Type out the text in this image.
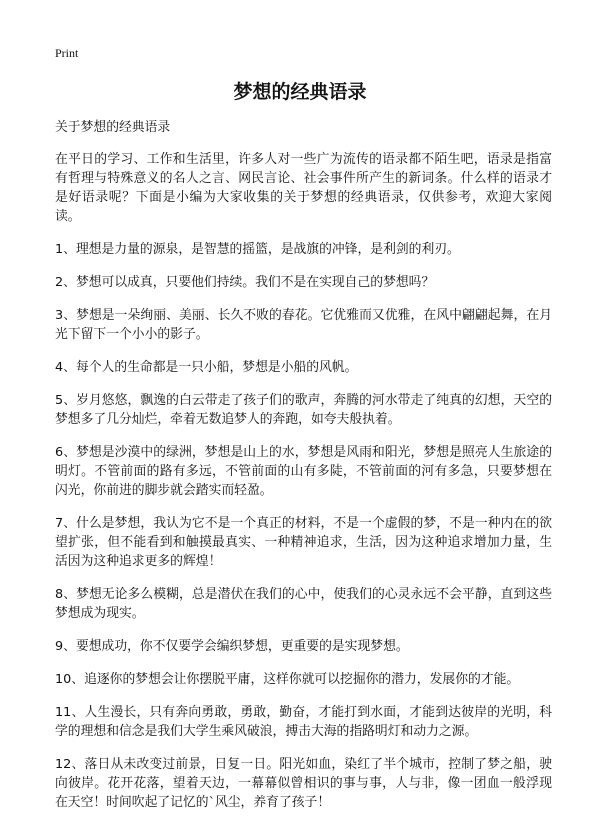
Print
梦想的经典语录

关于梦想的经典语录

在平日的学习、工作和生活里，许多人对一些广为流传的语录都不陌生吧，语录是指富有哲理与特殊意义的名人之言、网民言论、社会事件所产生的新词条。什么样的语录才是好语录呢？下面是小编为大家收集的关于梦想的经典语录，仅供参考，欢迎大家阅读。

1、理想是力量的源泉，是智慧的摇篮，是战旗的冲锋，是利剑的利刃。

2、梦想可以成真，只要他们持续。我们不是在实现自己的梦想吗？

3、梦想是一朵绚丽、美丽、长久不败的春花。它优雅而又优雅，在风中翩翩起舞，在月光下留下一个小小的影子。

4、每个人的生命都是一只小船，梦想是小船的风帆。

5、岁月悠悠，飘逸的白云带走了孩子们的歌声，奔腾的河水带走了纯真的幻想，天空的梦想多了几分灿烂，牵着无数追梦人的奔跑，如夸夫般执着。

6、梦想是沙漠中的绿洲，梦想是山上的水，梦想是风雨和阳光，梦想是照亮人生旅途的明灯。不管前面的路有多远，不管前面的山有多陡，不管前面的河有多急，只要梦想在闪光，你前进的脚步就会踏实而轻盈。

7、什么是梦想，我认为它不是一个真正的材料，不是一个虚假的梦，不是一种内在的欲望扩张，但不能看到和触摸最真实、一种精神追求，生活，因为这种追求增加力量，生活因为这种追求更多的辉煌！

8、梦想无论多么模糊，总是潜伏在我们的心中，使我们的心灵永远不会平静，直到这些梦想成为现实。

9、要想成功，你不仅要学会编织梦想，更重要的是实现梦想。

10、追逐你的梦想会让你摆脱平庸，这样你就可以挖掘你的潜力，发展你的才能。

11、人生漫长，只有奔向勇敢，勇敢，勤奋，才能打到水面，才能到达彼岸的光明，科学的理想和信念是我们大学生乘风破浪，搏击大海的指路明灯和动力之源。

12、落日从未改变过前景，日复一日。阳光如血，染红了半个城市，控制了梦之船，驶向彼岸。花开花落，望着天边，一幕幕似曾相识的事与事，人与非，像一团血一般浮现在天空！时间吹起了记忆的`风尘，养育了孩子！
